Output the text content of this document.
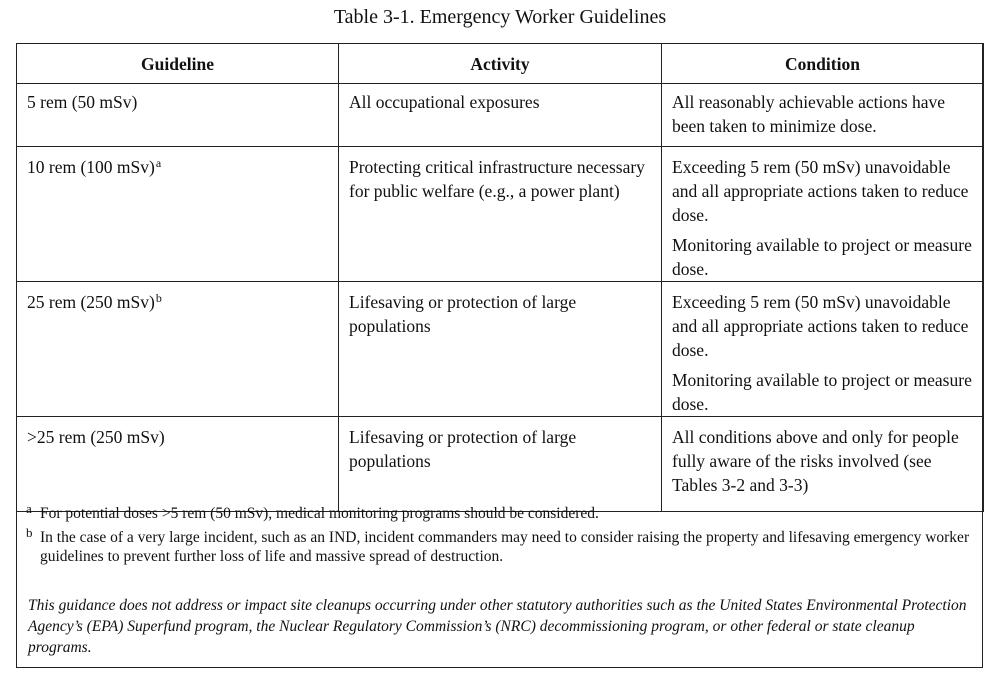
Table 3-1. Emergency Worker Guidelines
Guideline	Activity	Condition
5 rem (50 mSv)	All occupational exposures	All reasonably achievable actions have been taken to minimize dose.

10 rem (100 mSv)$^a$	Protecting critical infrastructure necessary for public welfare (e.g., a power plant)	Exceeding 5 rem (50 mSv) unavoidable and all appropriate actions taken to reduce dose.
Monitoring available to project or measure dose.

25 rem (250 mSv)$^b$	Lifesaving or protection of large populations	Exceeding 5 rem (50 mSv) unavoidable and all appropriate actions taken to reduce dose.
Monitoring available to project or measure dose.

>25 rem (250 mSv)	Lifesaving or protection of large populations	All conditions above and only for people fully aware of the risks involved (see Tables 3-2 and 3-3)
a For potential doses >5 rem (50 mSv), medical monitoring programs should be considered.
b In the case of a very large incident, such as an IND, incident commanders may need to consider raising the property and lifesaving emergency worker guidelines to prevent further loss of life and massive spread of destruction.
This guidance does not address or impact site cleanups occurring under other statutory authorities such as the United States Environmental Protection Agency’s (EPA) Superfund program, the Nuclear Regulatory Commission’s (NRC) decommissioning program, or other federal or state cleanup programs.
